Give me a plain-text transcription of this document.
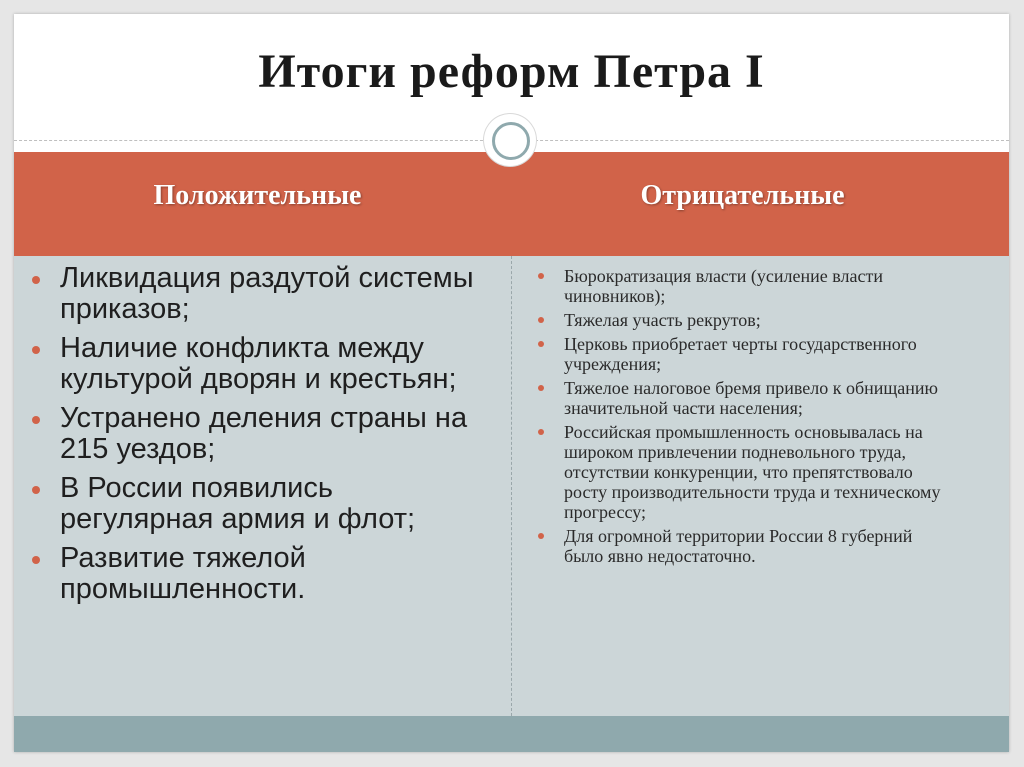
Итоги реформ Петра I
Положительные	Отрицательные
Ликвидация раздутой системы приказов;
Наличие конфликта между культурой дворян и крестьян;
Устранено деления страны на 215 уездов;
В России появились регулярная армия и флот;
Развитие тяжелой промышленности.
Бюрократизация власти (усиление власти чиновников);
Тяжелая участь рекрутов;
Церковь приобретает черты государственного учреждения;
Тяжелое налоговое бремя привело к обнищанию значительной части населения;
Российская промышленность основывалась на широком привлечении подневольного труда, отсутствии конкуренции, что препятствовало росту производительности труда и техническому прогрессу;
Для огромной территории России 8 губерний было явно недостаточно.
